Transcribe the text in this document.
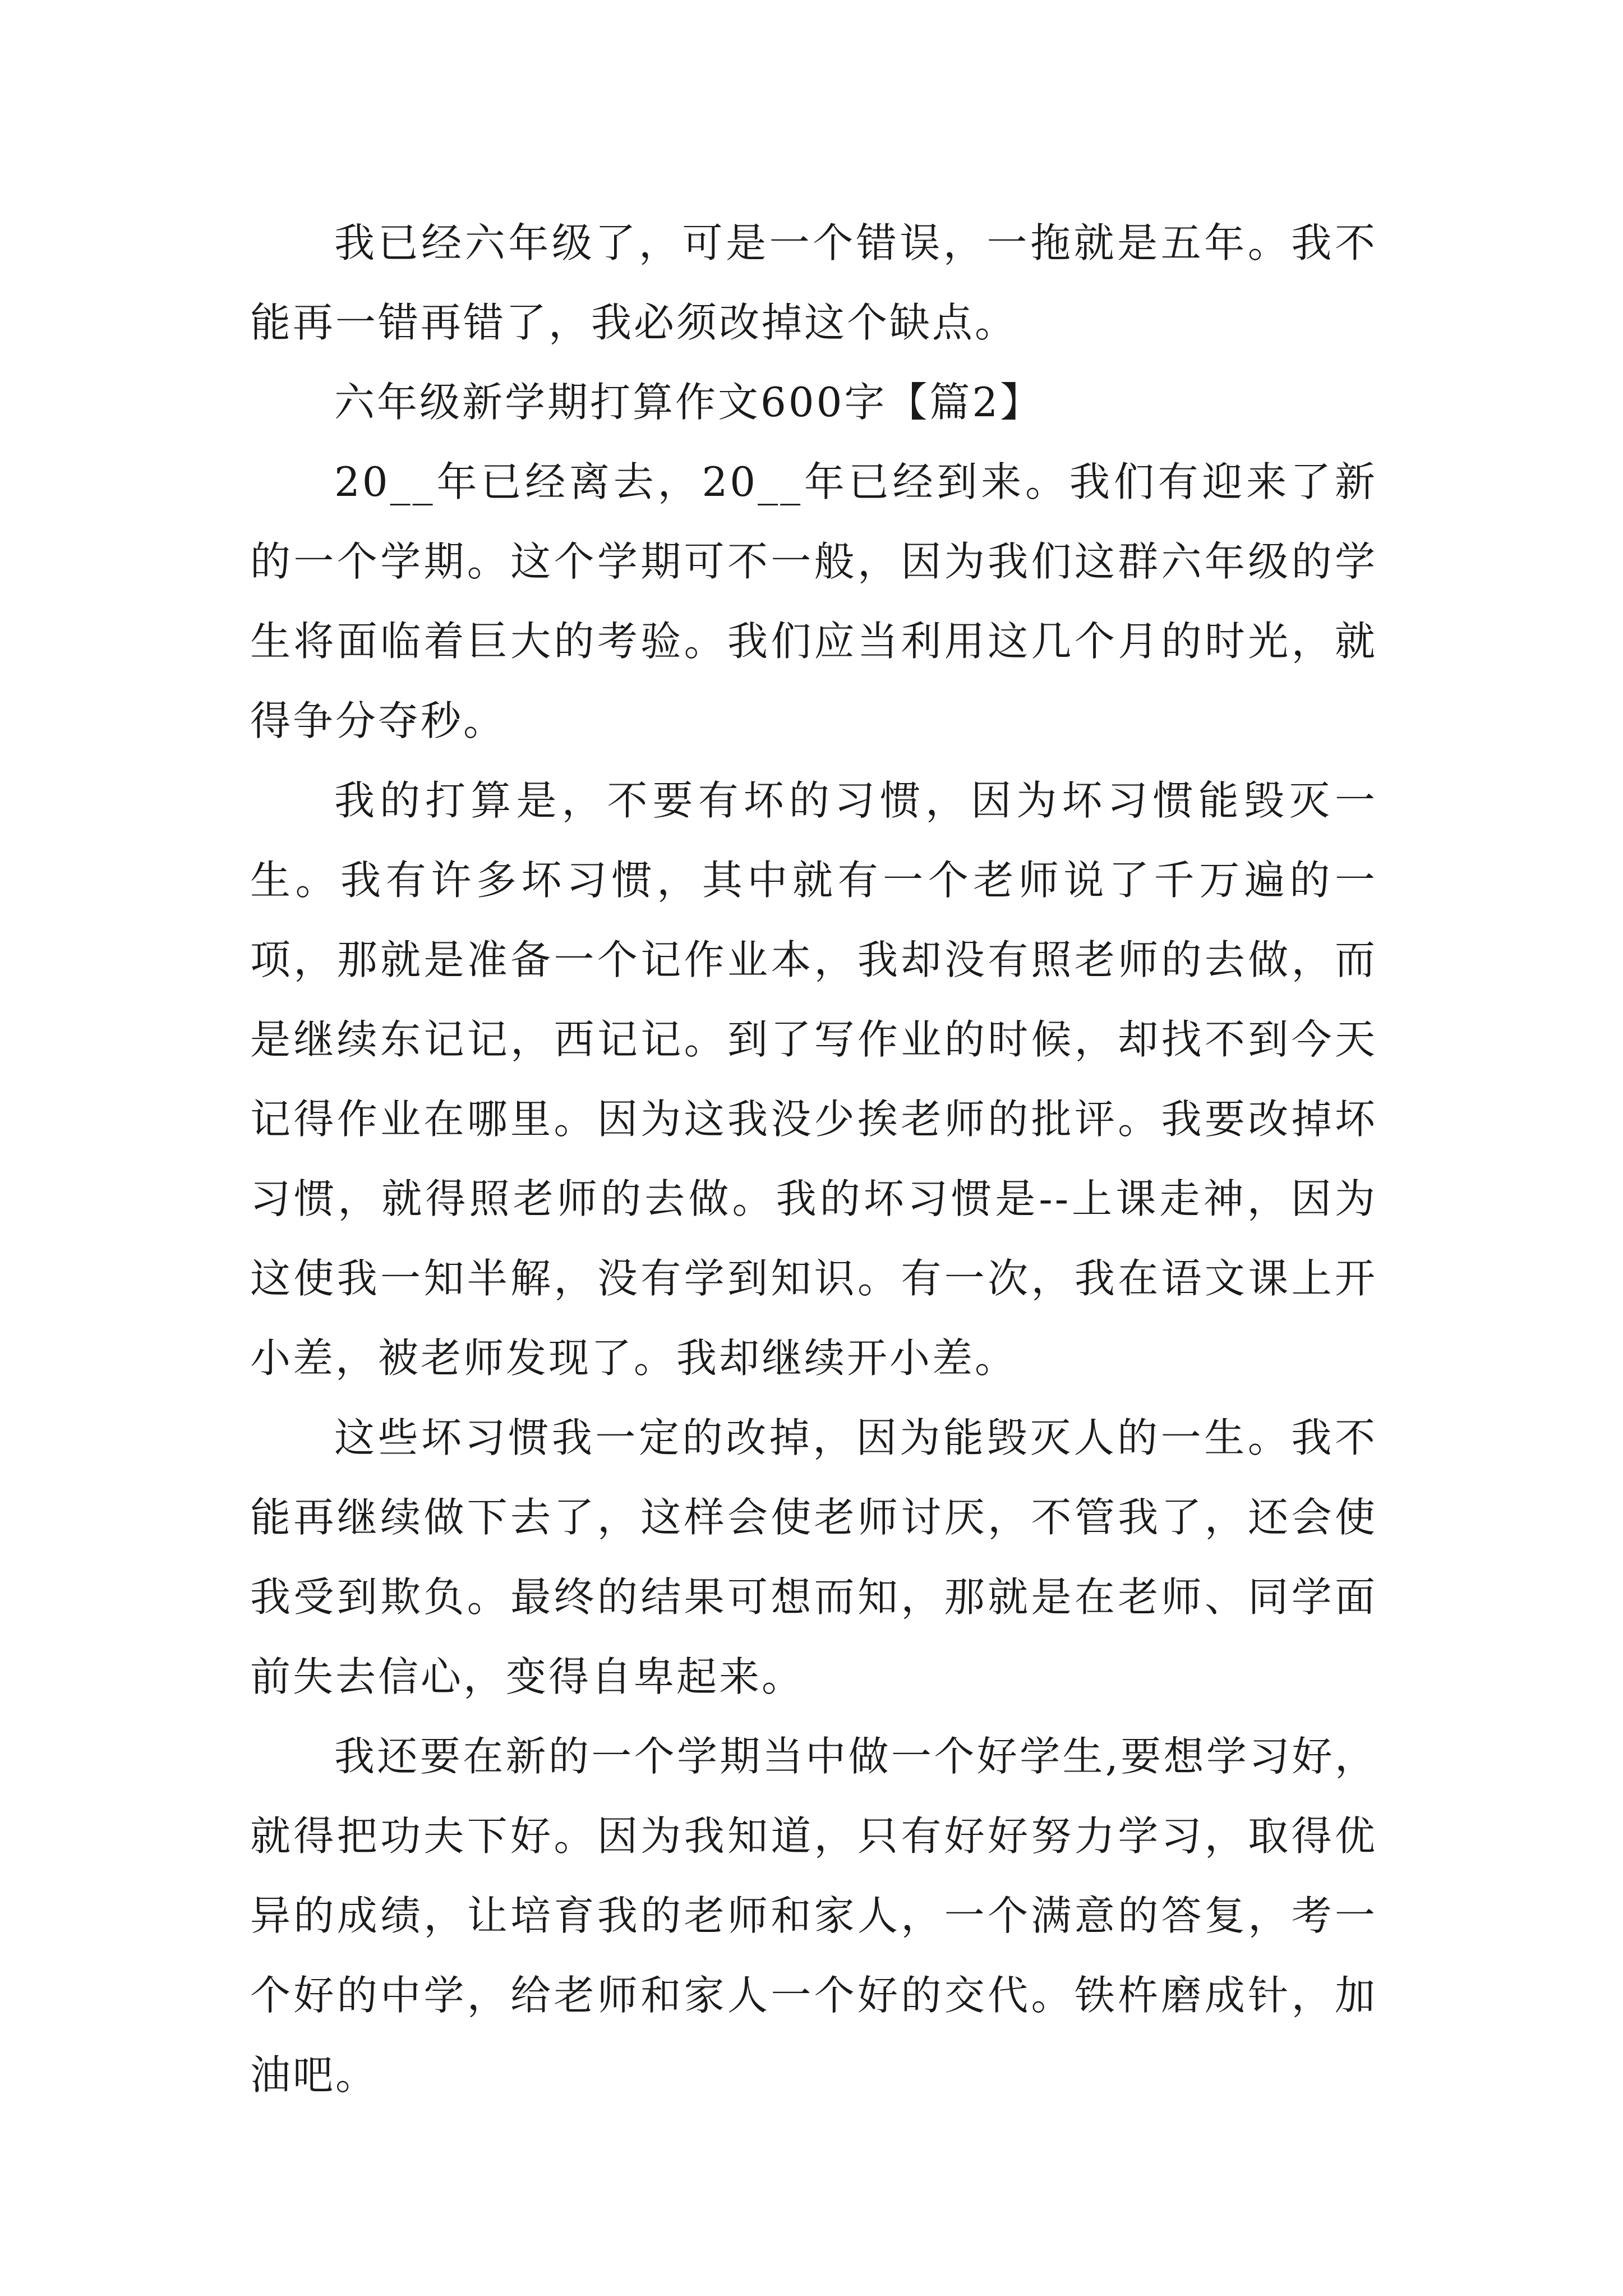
我已经六年级了，可是一个错误，一拖就是五年。我不能再一错再错了，我必须改掉这个缺点。

六年级新学期打算作文600字【篇2】

20__年已经离去，20__年已经到来。我们有迎来了新的一个学期。这个学期可不一般，因为我们这群六年级的学生将面临着巨大的考验。我们应当利用这几个月的时光，就得争分夺秒。

我的打算是，不要有坏的习惯，因为坏习惯能毁灭一生。我有许多坏习惯，其中就有一个老师说了千万遍的一项，那就是准备一个记作业本，我却没有照老师的去做，而是继续东记记，西记记。到了写作业的时候，却找不到今天记得作业在哪里。因为这我没少挨老师的批评。我要改掉坏习惯，就得照老师的去做。我的坏习惯是--上课走神，因为这使我一知半解，没有学到知识。有一次，我在语文课上开小差，被老师发现了。我却继续开小差。

这些坏习惯我一定的改掉，因为能毁灭人的一生。我不能再继续做下去了，这样会使老师讨厌，不管我了，还会使我受到欺负。最终的结果可想而知，那就是在老师、同学面前失去信心，变得自卑起来。

我还要在新的一个学期当中做一个好学生,要想学习好，就得把功夫下好。因为我知道，只有好好努力学习，取得优异的成绩，让培育我的老师和家人，一个满意的答复，考一个好的中学，给老师和家人一个好的交代。铁杵磨成针，加油吧。
